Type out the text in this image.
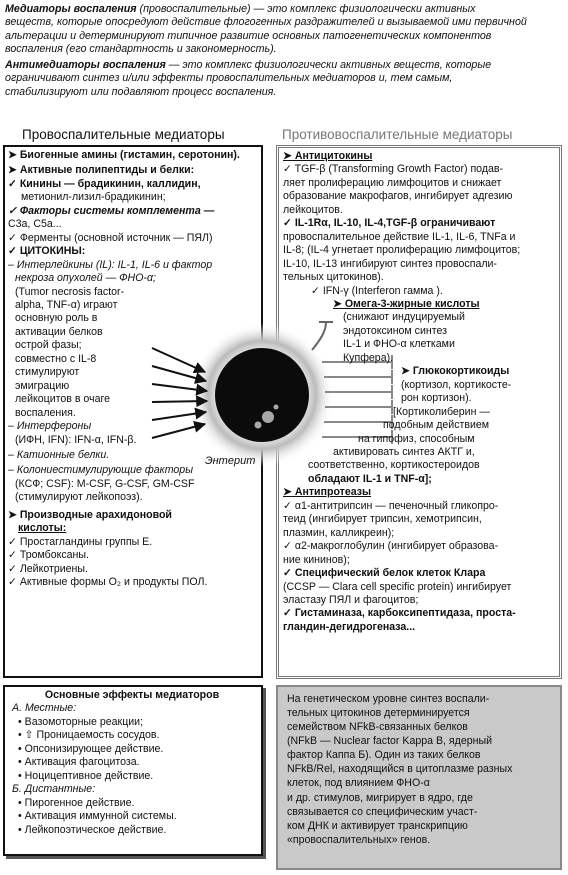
Медиаторы воспаления (провоспалительные) — это комплекс физиологически активных
веществ, которые опосредуют действие флогогенных раздражителей и вызываемой ими первичной
альтерации и детерминируют типичное развитие основных патогенетических компонентов
воспаления (его стандартность и закономерность).

Антимедиаторы воспаления — это комплекс физиологически активных веществ, которые
ограничивают синтез и/или эффекты провоспалительных медиаторов и, тем самым,
стабилизируют или подавляют процесс воспаления.

Провоспалительные медиаторы	Противовоспалительные медиаторы
Энтерит
➤ Биогенные амины (гистамин, серотонин).
➤ Активные полипептиды и белки:
✓ Кинины — брадикинин, каллидин,
метионил-лизил-брадикинин;
✓ Факторы системы комплемента —
С3а, С5а...
✓ Ферменты (основной источник — ПЯЛ)
✓ ЦИТОКИНЫ:
– Интерлейкины (IL): IL-1, IL-6 и фактор
некроза опухолей — ФНО-α;
(Tumor necrosis factor-
alpha, TNF-α) играют
основную роль в
активации белков
острой фазы;
совместно с IL-8
стимулируют
эмиграцию
лейкоцитов в очаге
воспаления.
– Интерфероны
(ИФН, IFN): IFN-α, IFN-β.
– Катионные белки.
– Колониестимулирующие факторы
(КСФ; CSF): M-CSF, G-CSF, GM-CSF
(стимулируют лейкопоэз).
➤ Производные арахидоновой
кислоты:
✓ Простагландины группы Е.
✓ Тромбоксаны.
✓ Лейкотриены.
✓ Активные формы O₂ и продукты ПОЛ.
➤ Антицитокины
✓ TGF-β (Transforming Growth Factor) подав-
ляет пролиферацию лимфоцитов и снижает
образование макрофагов, ингибирует адгезию
лейкоцитов.
✓ IL-1Rα, IL-10, IL-4,TGF-β ограничивают
провоспалительное действие IL-1, IL-6, TNFa и
IL-8; (IL-4 угнетает пролиферацию лимфоцитов;
IL-10, IL-13 ингибируют синтез провоспали-
тельных цитокинов).
✓ IFN-γ (Interferon гамма ).
➤ Омега-3-жирные кислоты
(снижают индуцируемый
эндотоксином синтез
IL-1 и ФНО-α клетками
Купфера).
➤ Глюкокортикоиды
(кортизол, кортикосте-
рон кортизон).
[Кортиколиберин —
подобным действием
на гипофиз, способным
активировать синтез АКТГ и,
соответственно, кортикостероидов
обладают IL-1 и TNF-α];
➤ Антипротеазы
✓ α1-антитрипсин — печеночный гликопро-
теид (ингибирует трипсин, хемотрипсин,
плазмин, калликреин);
✓ α2-макроглобулин (ингибирует образова-
ние кининов);
✓ Специфический белок клеток Клара
(CCSP — Clara cell specific protein) ингибирует
эластазу ПЯЛ и фагоцитов;
✓ Гистаминаза, карбоксипептидаза, проста-
гландин-дегидрогеназа...
Основные эффекты медиаторов
А. Местные:
• Вазомоторные реакции;
• ⇧ Проницаемость сосудов.
• Опсонизирующее действие.
• Активация фагоцитоза.
• Ноцицептивное действие.
Б. Дистантные:
• Пирогенное действие.
• Активация иммунной системы.
• Лейкопоэтическое действие.
На генетическом уровне синтез воспали-
тельных цитокинов детерминируется
семейством NFkB-связанных белков
(NFkB — Nuclear factor Kappa B, ядерный
фактор Каппа Б). Один из таких белков
NFkB/Rel, находящийся в цитоплазме разных
клеток, под влиянием ФНО-α
и др. стимулов, мигрирует в ядро, где
связывается со специфическим участ-
ком ДНК и активирует транскрипцию
«провоспалительных» генов.
